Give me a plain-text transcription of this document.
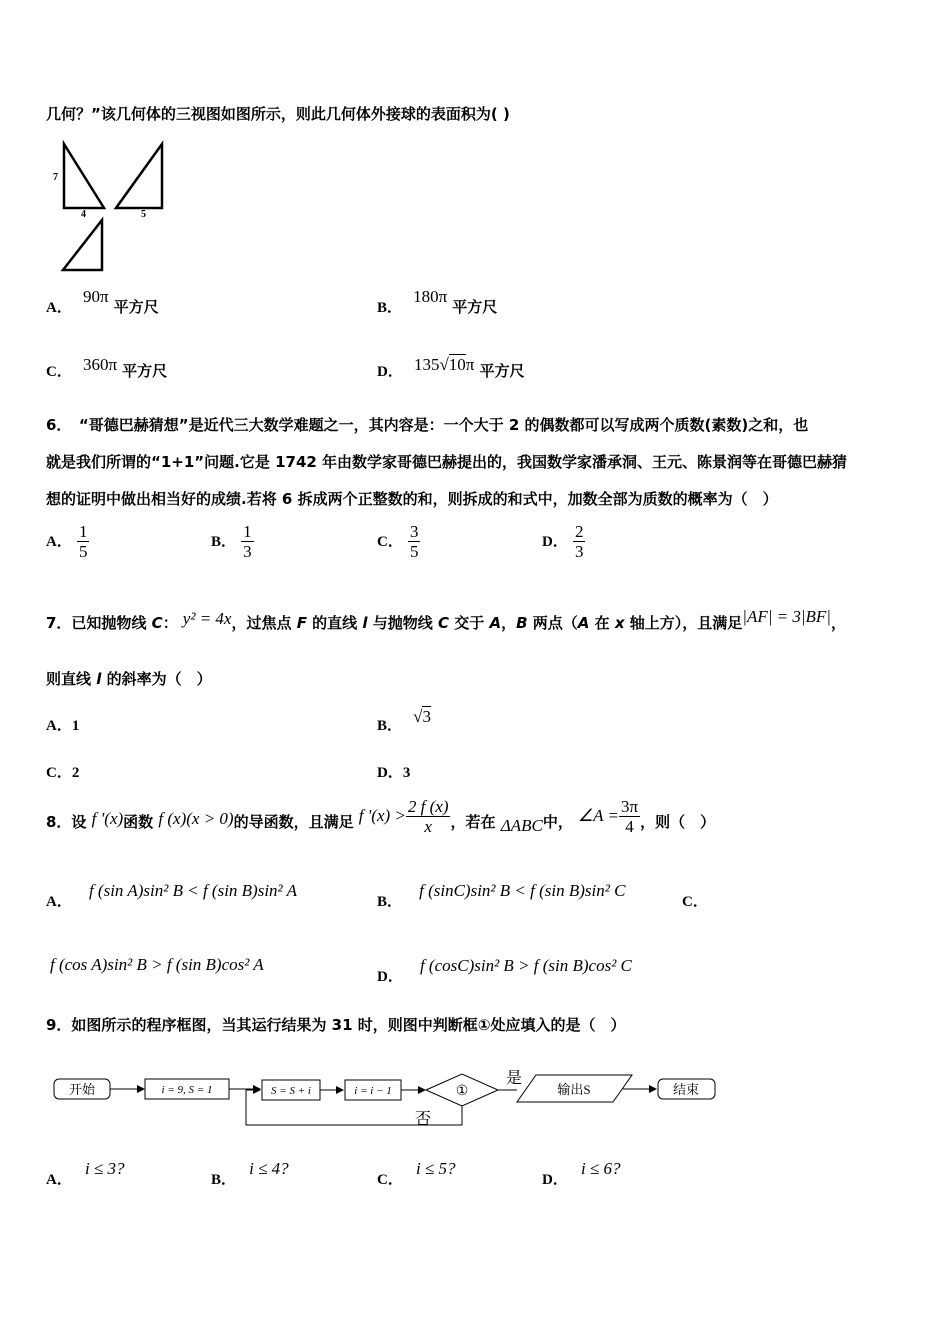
几何？”该几何体的三视图如图所示，则此几何体外接球的表面积为( )
7
4	5
A． 90π 平方尺	B． 180π 平方尺
C． 360π 平方尺	D． 135√10π 平方尺
6．　“哥德巴赫猜想”是近代三大数学难题之一，其内容是：一个大于 2 的偶数都可以写成两个质数(素数)之和，也
就是我们所谓的“1+1”问题.它是 1742 年由数学家哥德巴赫提出的，我国数学家潘承洞、王元、陈景润等在哥德巴赫猜
想的证明中做出相当好的成绩.若将 6 拆成两个正整数的和，则拆成的和式中，加数全部为质数的概率为（　）
A． $\frac{1}{5}$	B． $\frac{1}{3}$	C． $\frac{3}{5}$	D． $\frac{2}{3}$
7．已知抛物线 C： y² = 4x，过焦点 F 的直线 l 与抛物线 C 交于 A，B 两点（A 在 x 轴上方），且满足|AF| = 3|BF|，
则直线 l 的斜率为（　）
A．1	B． √3
C．2	D．3
8．设 f '(x)函数 f (x)(x > 0)的导函数，且满足 f '$(x) > \frac{2 f (x)}{x}$ ，若在 ΔABC中， ∠A = $\frac{3\pi}{4}$ ，则（　）
A． f (sin A)sin² B < f (sin B)sin² A
B． f (sinC)sin² B < f (sin B)sin² C
C．
f (cos A)sin² B > f (sin B)cos² A
D． f (cosC)sin² B > f (sin B)cos² C
9．如图所示的程序框图，当其运行结果为 31 时，则图中判断框①处应填入的是（　）
开始	i = 9, S = 1	S = S + i	i = i − 1	①
是
输出S	结束
否
A． i ≤ 3?
B． i ≤ 4?
C． i ≤ 5?
D． i ≤ 6?
